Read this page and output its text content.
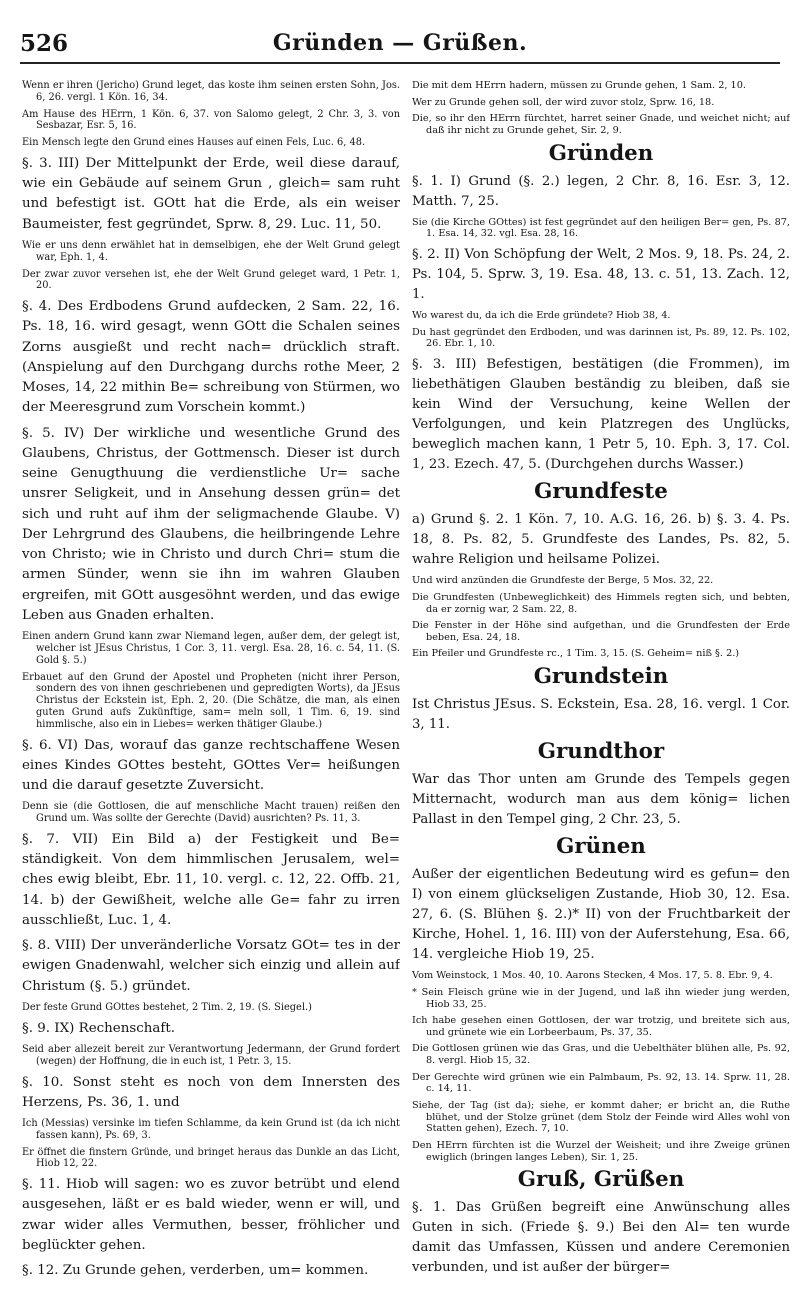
526	Gründen — Grüßen.

Wenn er ihren (Jericho) Grund leget, das koste ihm seinen ersten Sohn, Jos. 6, 26. vergl. 1 Kön. 16, 34.

Am Hause des HErrn, 1 Kön. 6, 37. von Salomo gelegt, 2 Chr. 3, 3. von Sesbazar, Esr. 5, 16.

Ein Mensch legte den Grund eines Hauses auf einen Fels, Luc. 6, 48.

§. 3. III) Der Mittelpunkt der Erde, weil diese darauf, wie ein Gebäude auf seinem Grun , gleich= sam ruht und befestigt ist. GOtt hat die Erde, als ein weiser Baumeister, fest gegründet, Sprw. 8, 29. Luc. 11, 50.

Wie er uns denn erwählet hat in demselbigen, ehe der Welt Grund gelegt war, Eph. 1, 4.

Der zwar zuvor versehen ist, ehe der Welt Grund geleget ward, 1 Petr. 1, 20.

§. 4. Des Erdbodens Grund aufdecken, 2 Sam. 22, 16. Ps. 18, 16. wird gesagt, wenn GOtt die Schalen seines Zorns ausgießt und recht nach= drücklich straft. (Anspielung auf den Durchgang durchs rothe Meer, 2 Moses, 14, 22 mithin Be= schreibung von Stürmen, wo der Meeresgrund zum Vorschein kommt.)

§. 5. IV) Der wirkliche und wesentliche Grund des Glaubens, Christus, der Gottmensch. Dieser ist durch seine Genugthuung die verdienstliche Ur= sache unsrer Seligkeit, und in Ansehung dessen grün= det sich und ruht auf ihm der seligmachende Glaube. V) Der Lehrgrund des Glaubens, die heilbringende Lehre von Christo; wie in Christo und durch Chri= stum die armen Sünder, wenn sie ihn im wahren Glauben ergreifen, mit GOtt ausgesöhnt werden, und das ewige Leben aus Gnaden erhalten.

Einen andern Grund kann zwar Niemand legen, außer dem, der gelegt ist, welcher ist JEsus Christus, 1 Cor. 3, 11. vergl. Esa. 28, 16. c. 54, 11. (S. Gold §. 5.)

Erbauet auf den Grund der Apostel und Propheten (nicht ihrer Person, sondern des von ihnen geschriebenen und gepredigten Worts), da JEsus Christus der Eckstein ist, Eph. 2, 20. (Die Schätze, die man, als einen guten Grund aufs Zukünftige, sam= meln soll, 1 Tim. 6, 19. sind himmlische, also ein in Liebes= werken thätiger Glaube.)

§. 6. VI) Das, worauf das ganze rechtschaffene Wesen eines Kindes GOttes besteht, GOttes Ver= heißungen und die darauf gesetzte Zuversicht.

Denn sie (die Gottlosen, die auf menschliche Macht trauen) reißen den Grund um. Was sollte der Gerechte (David) ausrichten? Ps. 11, 3.

§. 7. VII) Ein Bild a) der Festigkeit und Be= ständigkeit. Von dem himmlischen Jerusalem, wel= ches ewig bleibt, Ebr. 11, 10. vergl. c. 12, 22. Offb. 21, 14. b) der Gewißheit, welche alle Ge= fahr zu irren ausschließt, Luc. 1, 4.

§. 8. VIII) Der unveränderliche Vorsatz GOt= tes in der ewigen Gnadenwahl, welcher sich einzig und allein auf Christum (§. 5.) gründet.

Der feste Grund GOttes bestehet, 2 Tim. 2, 19. (S. Siegel.)

§. 9. IX) Rechenschaft.

Seid aber allezeit bereit zur Verantwortung Jedermann, der Grund fordert (wegen) der Hoffnung, die in euch ist, 1 Petr. 3, 15.

§. 10. Sonst steht es noch von dem Innersten des Herzens, Ps. 36, 1. und

Ich (Messias) versinke im tiefen Schlamme, da kein Grund ist (da ich nicht fassen kann), Ps. 69, 3.

Er öffnet die finstern Gründe, und bringet heraus das Dunkle an das Licht, Hiob 12, 22.

§. 11. Hiob will sagen: wo es zuvor betrübt und elend ausgesehen, läßt er es bald wieder, wenn er will, und zwar wider alles Vermuthen, besser, fröhlicher und beglückter gehen.

§. 12. Zu Grunde gehen, verderben, um= kommen.

Die mit dem HErrn hadern, müssen zu Grunde gehen, 1 Sam. 2, 10.

Wer zu Grunde gehen soll, der wird zuvor stolz, Sprw. 16, 18.

Die, so ihr den HErrn fürchtet, harret seiner Gnade, und weichet nicht; auf daß ihr nicht zu Grunde gehet, Sir. 2, 9.

Gründen

§. 1. I) Grund (§. 2.) legen, 2 Chr. 8, 16. Esr. 3, 12. Matth. 7, 25.

Sie (die Kirche GOttes) ist fest gegründet auf den heiligen Ber= gen, Ps. 87, 1. Esa. 14, 32. vgl. Esa. 28, 16.

§. 2. II) Von Schöpfung der Welt, 2 Mos. 9, 18. Ps. 24, 2. Ps. 104, 5. Sprw. 3, 19. Esa. 48, 13. c. 51, 13. Zach. 12, 1.

Wo warest du, da ich die Erde gründete? Hiob 38, 4.

Du hast gegründet den Erdboden, und was darinnen ist, Ps. 89, 12. Ps. 102, 26. Ebr. 1, 10.

§. 3. III) Befestigen, bestätigen (die Frommen), im liebethätigen Glauben beständig zu bleiben, daß sie kein Wind der Versuchung, keine Wellen der Verfolgungen, und kein Platzregen des Unglücks, beweglich machen kann, 1 Petr 5, 10. Eph. 3, 17. Col. 1, 23. Ezech. 47, 5. (Durchgehen durchs Wasser.)

Grundfeste

a) Grund §. 2. 1 Kön. 7, 10. A.G. 16, 26. b) §. 3. 4. Ps. 18, 8. Ps. 82, 5. Grundfeste des Landes, Ps. 82, 5. wahre Religion und heilsame Polizei.

Und wird anzünden die Grundfeste der Berge, 5 Mos. 32, 22.

Die Grundfesten (Unbeweglichkeit) des Himmels regten sich, und bebten, da er zornig war, 2 Sam. 22, 8.

Die Fenster in der Höhe sind aufgethan, und die Grundfesten der Erde beben, Esa. 24, 18.

Ein Pfeiler und Grundfeste rc., 1 Tim. 3, 15. (S. Geheim= niß §. 2.)

Grundstein

Ist Christus JEsus. S. Eckstein, Esa. 28, 16. vergl. 1 Cor. 3, 11.

Grundthor

War das Thor unten am Grunde des Tempels gegen Mitternacht, wodurch man aus dem könig= lichen Pallast in den Tempel ging, 2 Chr. 23, 5.

Grünen

Außer der eigentlichen Bedeutung wird es gefun= den I) von einem glückseligen Zustande, Hiob 30, 12. Esa. 27, 6. (S. Blühen §. 2.)* II) von der Fruchtbarkeit der Kirche, Hohel. 1, 16. III) von der Auferstehung, Esa. 66, 14. vergleiche Hiob 19, 25.

Vom Weinstock, 1 Mos. 40, 10. Aarons Stecken, 4 Mos. 17, 5. 8. Ebr. 9, 4.

* Sein Fleisch grüne wie in der Jugend, und laß ihn wieder jung werden, Hiob 33, 25.

Ich habe gesehen einen Gottlosen, der war trotzig, und breitete sich aus, und grünete wie ein Lorbeerbaum, Ps. 37, 35.

Die Gottlosen grünen wie das Gras, und die Uebelthäter blühen alle, Ps. 92, 8. vergl. Hiob 15, 32.

Der Gerechte wird grünen wie ein Palmbaum, Ps. 92, 13. 14. Sprw. 11, 28. c. 14, 11.

Siehe, der Tag (ist da); siehe, er kommt daher; er bricht an, die Ruthe blühet, und der Stolze grünet (dem Stolz der Feinde wird Alles wohl von Statten gehen), Ezech. 7, 10.

Den HErrn fürchten ist die Wurzel der Weisheit; und ihre Zweige grünen ewiglich (bringen langes Leben), Sir. 1, 25.

Gruß, Grüßen

§. 1. Das Grüßen begreift eine Anwünschung alles Guten in sich. (Friede §. 9.) Bei den Al= ten wurde damit das Umfassen, Küssen und andere Ceremonien verbunden, und ist außer der bürger=
